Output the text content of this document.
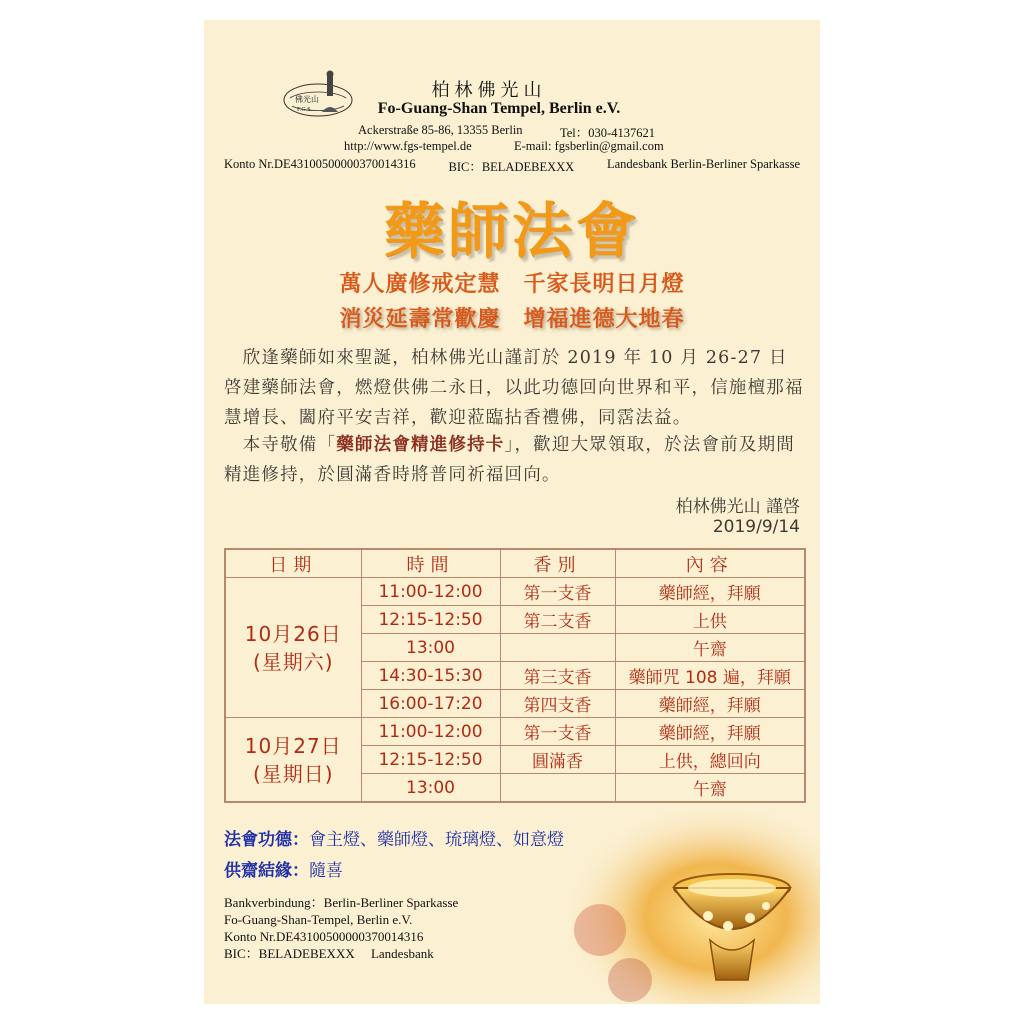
佛光山
F.G.S.
柏林佛光山
Fo-Guang-Shan Tempel, Berlin e.V.
Ackerstraße 85-86, 13355 Berlin	Tel：030-4137621
http://www.fgs-tempel.de	E-mail: fgsberlin@gmail.com
Konto Nr.DE43100500000370014316	BIC：BELADEBEXXX	Landesbank Berlin-Berliner Sparkasse
藥師法會
萬人廣修戒定慧　千家長明日月燈
消災延壽常歡慶　增福進德大地春
　欣逢藥師如來聖誕，柏林佛光山謹訂於 2019 年 10 月 26-27 日啓建藥師法會，燃燈供佛二永日，以此功德回向世界和平，信施檀那福慧增長、闔府平安吉祥，歡迎蒞臨拈香禮佛，同霑法益。
　本寺敬備「藥師法會精進修持卡」，歡迎大眾領取，於法會前及期間精進修持，於圓滿香時將普同祈福回向。
柏林佛光山 謹啓
2019/9/14
日期	時間	香別	內容

10月26日
(星期六)	11:00-12:00	第一支香	藥師經，拜願
	12:15-12:50	第二支香	上供
	13:00		午齋
	14:30-15:30	第三支香	藥師咒 108 遍，拜願
	16:00-17:20	第四支香	藥師經，拜願

10月27日
(星期日)	11:00-12:00	第一支香	藥師經，拜願
	12:15-12:50	圓滿香	上供，總回向
	13:00		午齋
法會功德：會主燈、藥師燈、琉璃燈、如意燈
供齋結緣：隨喜
Bankverbindung：Berlin-Berliner Sparkasse
Fo-Guang-Shan-Tempel, Berlin e.V.
Konto Nr.DE43100500000370014316
BIC：BELADEBEXXX　 Landesbank
